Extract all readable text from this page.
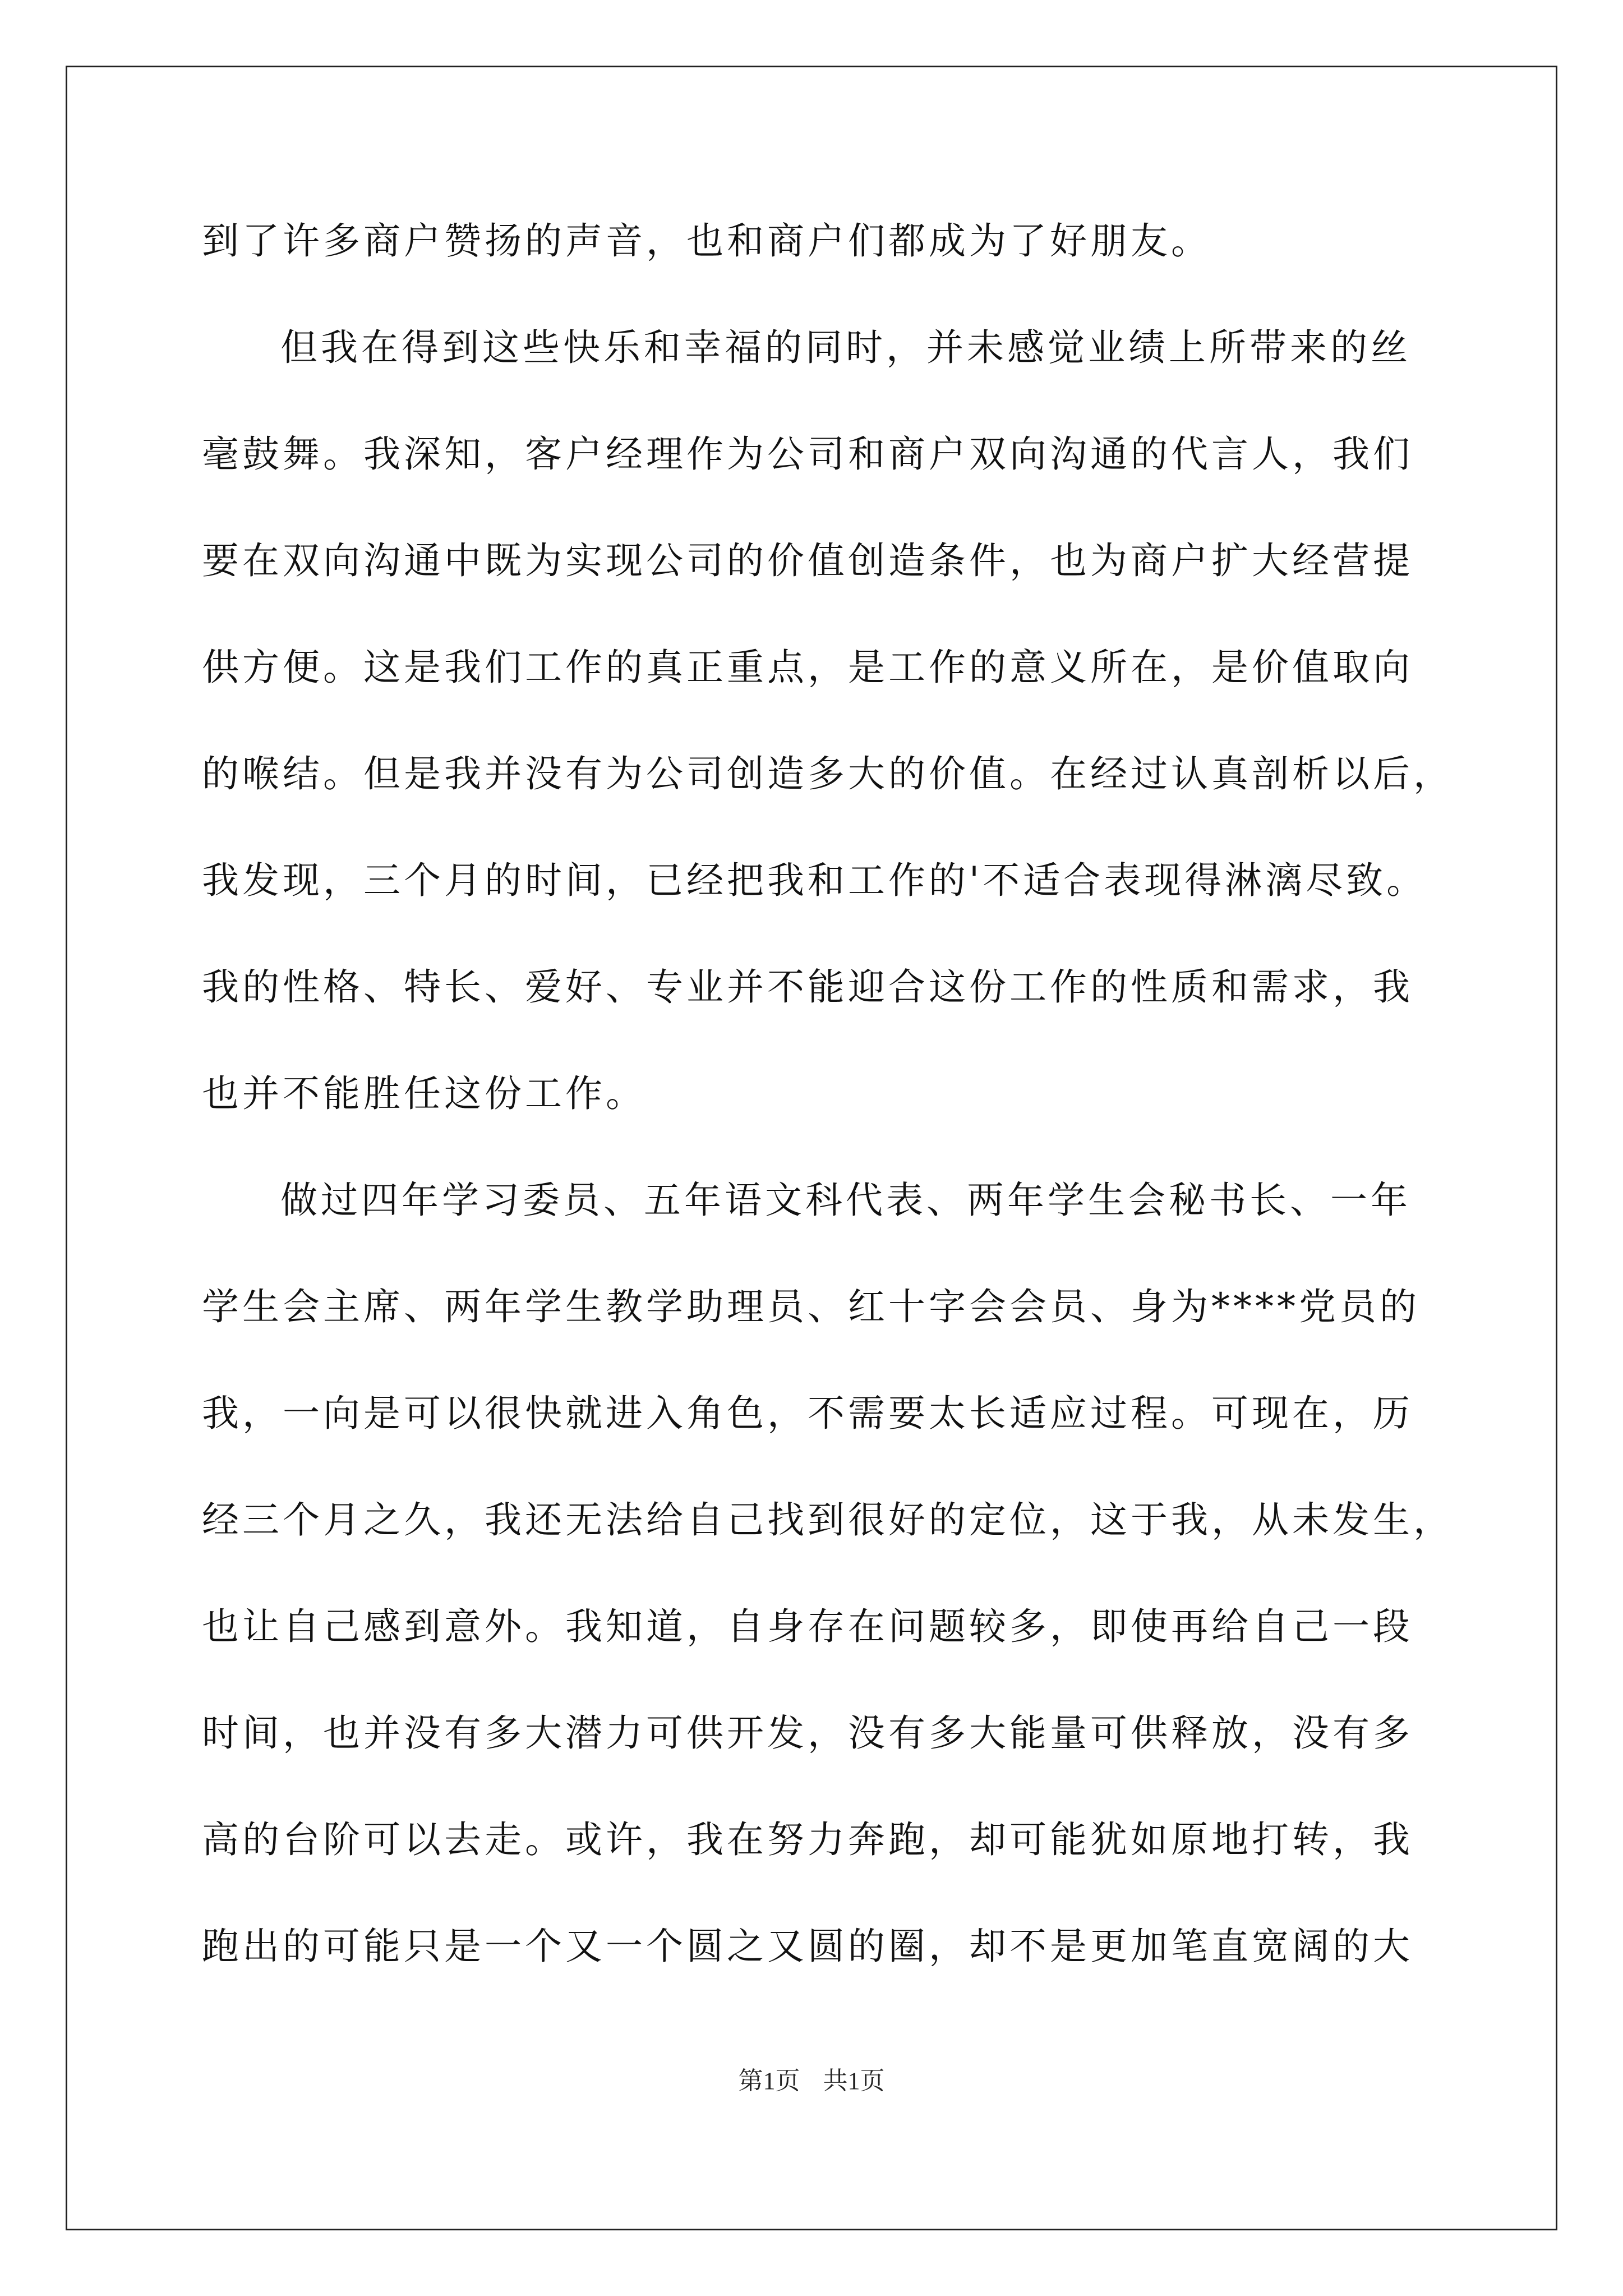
到了许多商户赞扬的声音，也和商户们都成为了好朋友。
但我在得到这些快乐和幸福的同时，并未感觉业绩上所带来的丝
毫鼓舞。我深知，客户经理作为公司和商户双向沟通的代言人，我们
要在双向沟通中既为实现公司的价值创造条件，也为商户扩大经营提
供方便。这是我们工作的真正重点，是工作的意义所在，是价值取向
的喉结。但是我并没有为公司创造多大的价值。在经过认真剖析以后，
我发现，三个月的时间，已经把我和工作的'不适合表现得淋漓尽致。
我的性格、特长、爱好、专业并不能迎合这份工作的性质和需求，我
也并不能胜任这份工作。
做过四年学习委员、五年语文科代表、两年学生会秘书长、一年
学生会主席、两年学生教学助理员、红十字会会员、身为****党员的
我，一向是可以很快就进入角色，不需要太长适应过程。可现在，历
经三个月之久，我还无法给自己找到很好的定位，这于我，从未发生，
也让自己感到意外。我知道，自身存在问题较多，即使再给自己一段
时间，也并没有多大潜力可供开发，没有多大能量可供释放，没有多
高的台阶可以去走。或许，我在努力奔跑，却可能犹如原地打转，我
跑出的可能只是一个又一个圆之又圆的圈，却不是更加笔直宽阔的大
第1页 共1页
